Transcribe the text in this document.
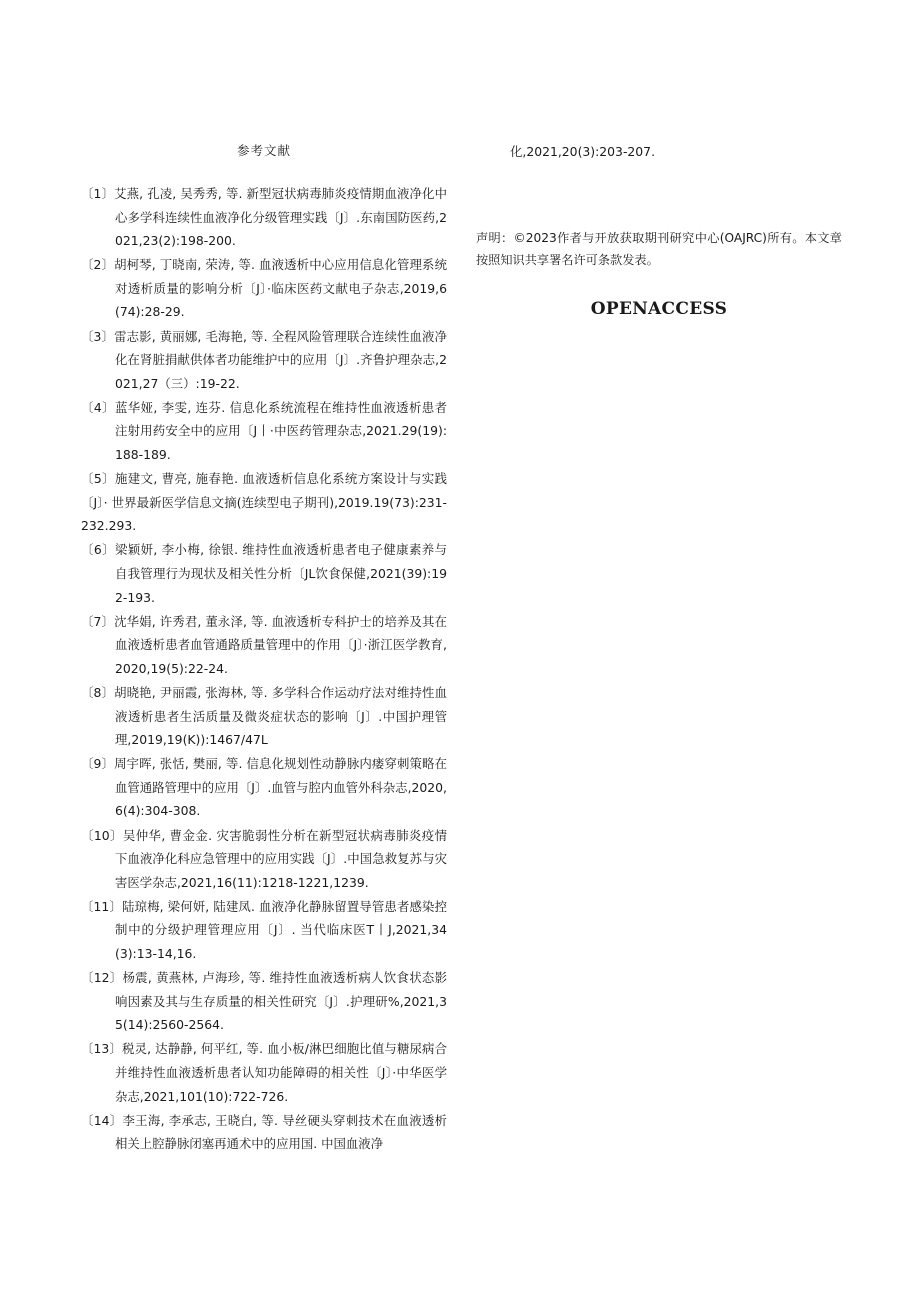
参考文献

〔1〕艾燕, 孔凌, 吴秀秀, 等. 新型冠状病毒肺炎疫情期血液净化中心多学科连续性血液净化分级管理实践〔J〕.东南国防医药,2021,23(2):198-200.

〔2〕胡柯琴, 丁晓南, 荣涛, 等. 血液透析中心应用信息化管理系统对透析质量的影响分析〔J〕·临床医药文献电子杂志,2019,6(74):28-29.

〔3〕雷志影, 黄丽娜, 毛海艳, 等. 全程风险管理联合连续性血液净化在肾脏捐献供体者功能维护中的应用〔J〕.齐鲁护理杂志,2021,27（三）:19-22.

〔4〕蓝华娅, 李雯, 连芬. 信息化系统流程在维持性血液透析患者注射用药安全中的应用〔J丨·中医药管理杂志,2021.29(19):188-189.

〔5〕施建文, 曹亮, 施春艳. 血液透析信息化系统方案设计与实践〔J〕· 世界最新医学信息文摘(连续型电子期刊),2019.19(73):231-232.293.

〔6〕梁颖妍, 李小梅, 徐银. 维持性血液透析患者电子健康素养与自我管理行为现状及相关性分析〔JL饮食保健,2021(39):192-193.

〔7〕沈华娟, 许秀君, 董永泽, 等. 血液透析专科护士的培养及其在血液透析患者血管通路质量管理中的作用〔J〕·浙江医学教育,2020,19(5):22-24.

〔8〕胡晓艳, 尹丽霞, 张海林, 等. 多学科合作运动疗法对维持性血液透析患者生活质量及微炎症状态的影响〔J〕.中国护理管理,2019,19(K)):1467/47L

〔9〕周宇晖, 张恬, 樊丽, 等. 信息化规划性动静脉内瘘穿刺策略在血管通路管理中的应用〔J〕.血管与腔内血管外科杂志,2020,6(4):304-308.

〔10〕吴仲华, 曹金金. 灾害脆弱性分析在新型冠状病毒肺炎疫情下血液净化科应急管理中的应用实践〔J〕.中国急救复苏与灾害医学杂志,2021,16(11):1218-1221,1239.

〔11〕陆琼梅, 梁何妍, 陆建凤. 血液净化静脉留置导管患者感染控制中的分级护理管理应用〔J〕. 当代临床医T丨J,2021,34(3):13-14,16.

〔12〕杨震, 黄燕林, 卢海珍, 等. 维持性血液透析病人饮食状态影响因素及其与生存质量的相关性研究〔J〕.护理研%,2021,35(14):2560-2564.

〔13〕税灵, 达静静, 何平红, 等. 血小板/淋巴细胞比值与糖尿病合并维持性血液透析患者认知功能障碍的相关性〔J〕·中华医学杂志,2021,101(10):722-726.

〔14〕李王海, 李承志, 王晓白, 等. 导丝硬头穿刺技术在血液透析相关上腔静脉闭塞再通术中的应用国. 中国血液净

化,2021,20(3):203-207.

声明：©2023作者与开放获取期刊研究中心(OAJRC)所有。本文章按照知识共享署名许可条款发表。

OPENACCESS
